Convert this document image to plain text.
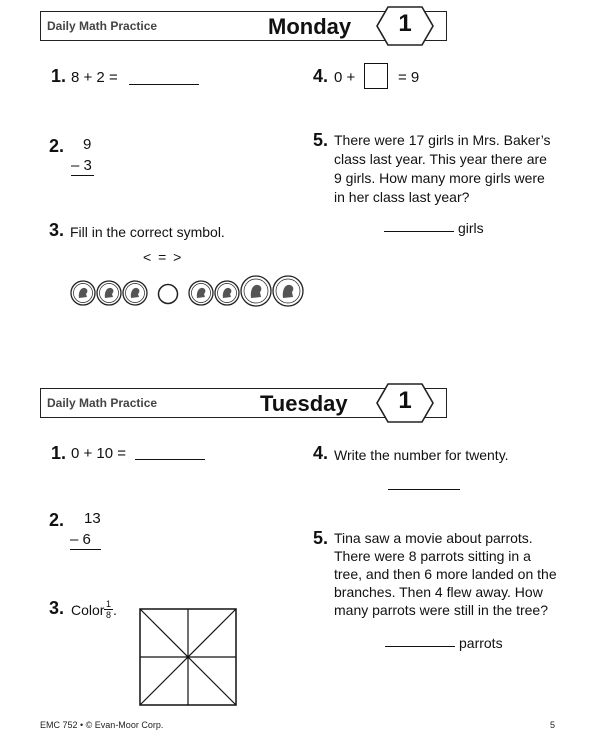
Daily Math Practice	Monday	1
1. 8 + 2 =
2. 9
– 3
3. Fill in the correct symbol.
< = >
4. 0 +	= 9
5. There were 17 girls in Mrs. Baker’s
class last year. This year there are
9 girls. How many more girls were
in her class last year?
girls
Daily Math Practice	Tuesday	1
1. 0 + 10 =
2. 13
– 6
3. Color $\frac{1}{8}$ .
4. Write the number for twenty.
5. Tina saw a movie about parrots.
There were 8 parrots sitting in a
tree, and then 6 more landed on the
branches. Then 4 flew away. How
many parrots were still in the tree?
parrots
EMC 752 • © Evan-Moor Corp.	5
